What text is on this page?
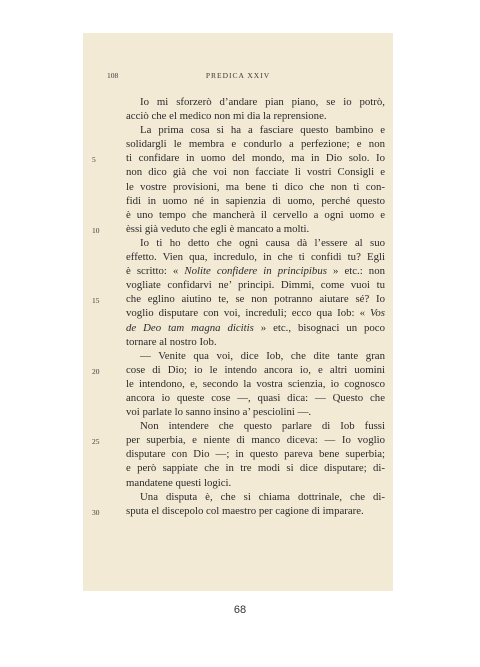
108	PREDICA XXIV
Io mi sforzerò d’andare pian piano, se io potrò,
acciò che el medico non mi dia la reprensione.
La prima cosa si ha a fasciare questo bambino e
solidargli le membra e condurlo a perfezione; e non
ti confidare in uomo del mondo, ma in Dio solo. Io
5
non dico già che voi non facciate li vostri Consigli e
le vostre provisioni, ma bene ti dico che non ti con-
fidi in uomo né in sapienzia di uomo, perché questo
è uno tempo che mancherà il cervello a ogni uomo e
èssi già veduto che egli è mancato a molti.
10
Io ti ho detto che ogni causa dà l’essere al suo
effetto. Vien qua, incredulo, in che ti confidi tu? Egli
è scritto: « Nolite confidere in principibus » etc.: non
vogliate confidarvi ne’ principi. Dimmi, come vuoi tu
che eglino aiutino te, se non potranno aiutare sé? Io
15
voglio disputare con voi, increduli; ecco qua Iob: « Vos
de Deo tam magna dicitis » etc., bisognaci un poco
tornare al nostro Iob.
— Venite qua voi, dice Iob, che dite tante gran
cose di Dio; io le intendo ancora io, e altri uomini
20
le intendono, e, secondo la vostra scienzia, io cognosco
ancora io queste cose —, quasi dica: — Questo che
voi parlate lo sanno insino a’ pesciolini —.
Non intendere che questo parlare di Iob fussi
per superbia, e niente di manco diceva: — Io voglio
25
disputare con Dio —; in questo pareva bene superbia;
e però sappiate che in tre modi si dice disputare; di-
mandatene questi logici.
Una disputa è, che si chiama dottrinale, che di-
sputa el discepolo col maestro per cagione di imparare.
30
68
